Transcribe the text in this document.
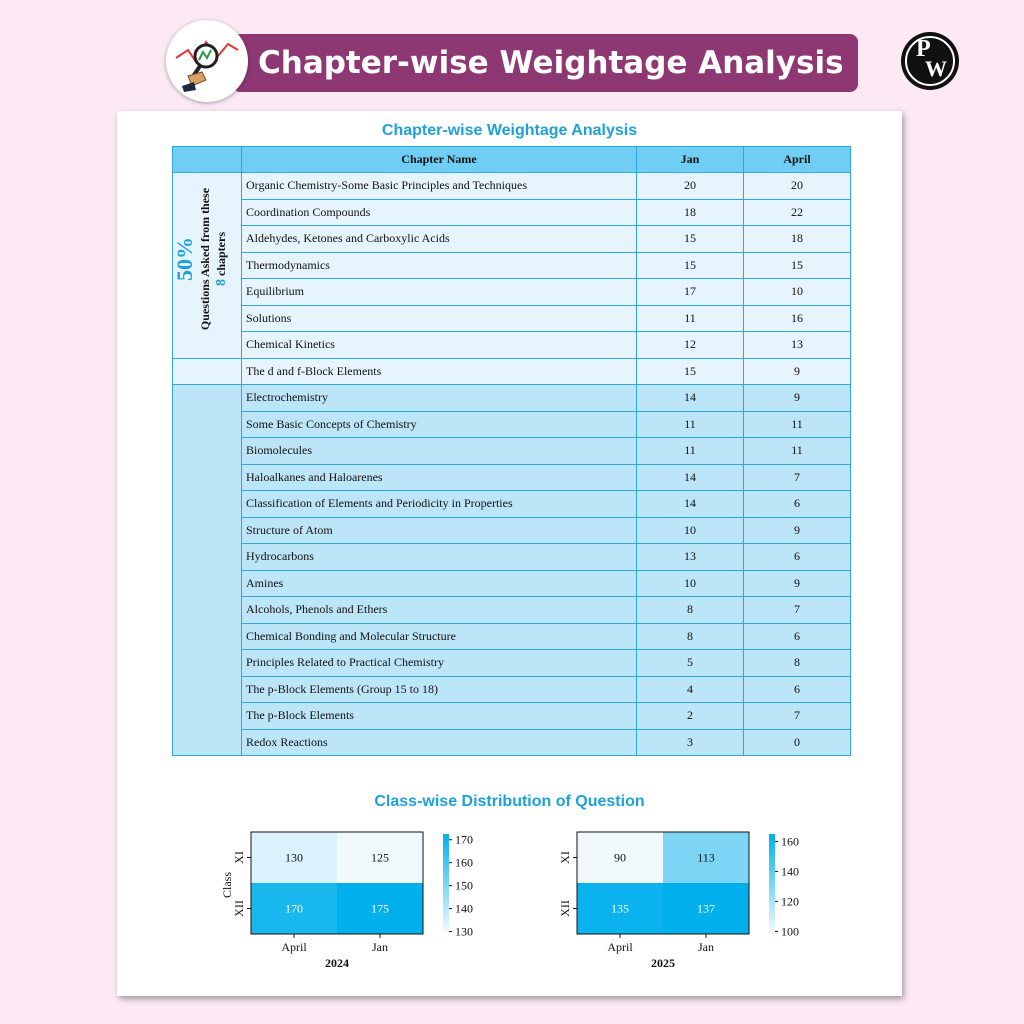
Chapter-wise Weightage Analysis	P
W
Chapter-wise Weightage Analysis
	Chapter Name	Jan	April

50% Questions Asked from these 8 chapters	Organic Chemistry-Some Basic Principles and Techniques	20	20
	Coordination Compounds	18	22
	Aldehydes, Ketones and Carboxylic Acids	15	18
	Thermodynamics	15	15
	Equilibrium	17	10
	Solutions	11	16
	Chemical Kinetics	12	13
	The d and f-Block Elements	15	9
	Electrochemistry	14	9
	Some Basic Concepts of Chemistry	11	11
	Biomolecules	11	11
	Haloalkanes and Haloarenes	14	7
	Classification of Elements and Periodicity in Properties	14	6
	Structure of Atom	10	9
	Hydrocarbons	13	6
	Amines	10	9
	Alcohols, Phenols and Ethers	8	7
	Chemical Bonding and Molecular Structure	8	6
	Principles Related to Practical Chemistry	5	8
	The p-Block Elements (Group 15 to 18)	4	6
	The p-Block Elements	2	7
	Redox Reactions	3	0
Class-wise Distribution of Question
130	125
170	175
XI
XII
April	Jan
2024
Class
170
160
150
140
130
90	113
135	137
XI
XII
April	Jan
2025
160
140
120
100
